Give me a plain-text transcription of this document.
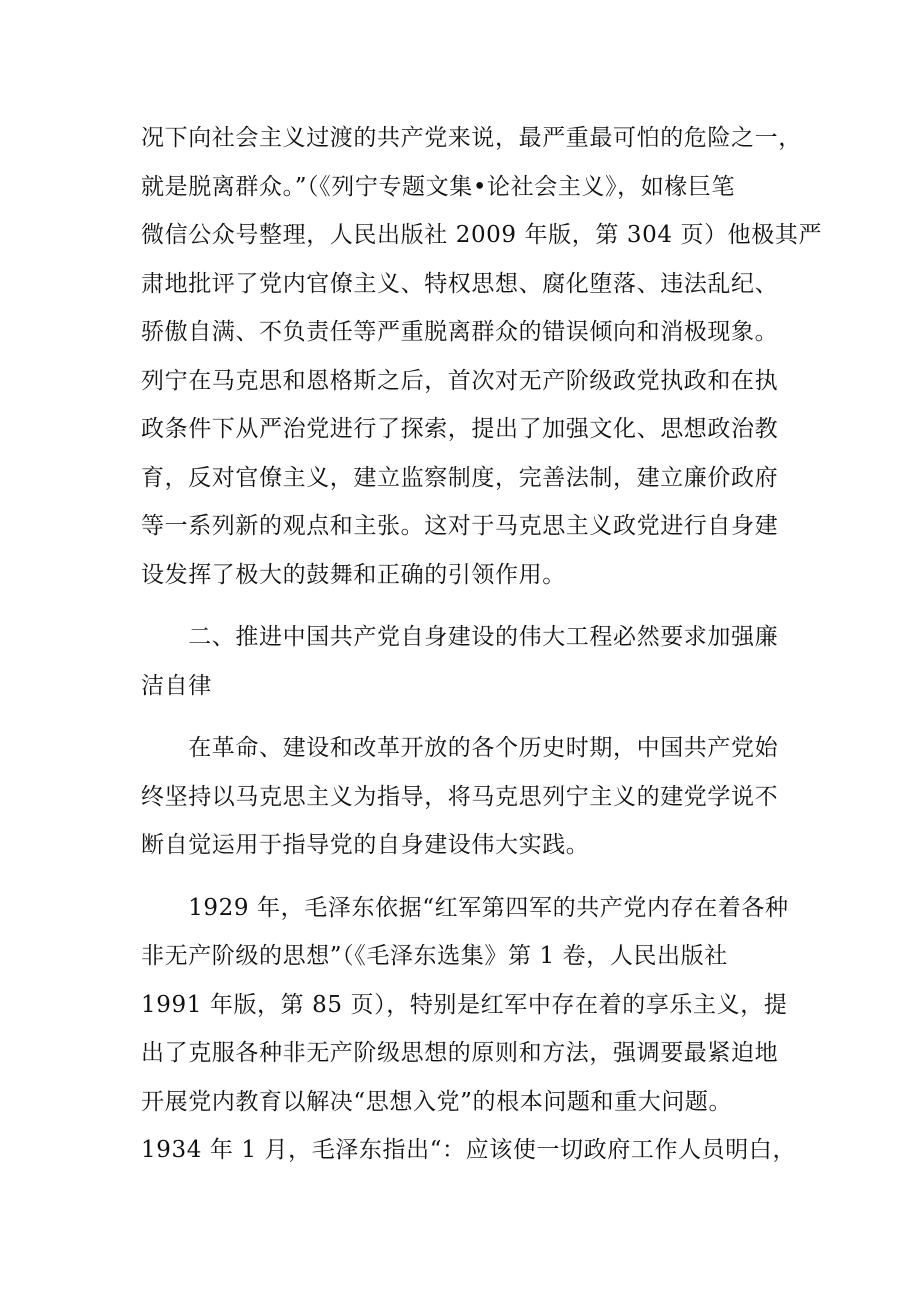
况下向社会主义过渡的共产党来说，最严重最可怕的危险之一，
就是脱离群众。”（《列宁专题文集•论社会主义》，如椽巨笔
微信公众号整理，人民出版社 2009 年版，第 304 页）他极其严
肃地批评了党内官僚主义、特权思想、腐化堕落、违法乱纪、
骄傲自满、不负责任等严重脱离群众的错误倾向和消极现象。
列宁在马克思和恩格斯之后，首次对无产阶级政党执政和在执
政条件下从严治党进行了探索，提出了加强文化、思想政治教
育，反对官僚主义，建立监察制度，完善法制，建立廉价政府
等一系列新的观点和主张。这对于马克思主义政党进行自身建
设发挥了极大的鼓舞和正确的引领作用。
　　二、推进中国共产党自身建设的伟大工程必然要求加强廉
洁自律
　　在革命、建设和改革开放的各个历史时期，中国共产党始
终坚持以马克思主义为指导，将马克思列宁主义的建党学说不
断自觉运用于指导党的自身建设伟大实践。
　　1929 年，毛泽东依据“红军第四军的共产党内存在着各种
非无产阶级的思想”（《毛泽东选集》第 1 卷，人民出版社
1991 年版，第 85 页），特别是红军中存在着的享乐主义，提
出了克服各种非无产阶级思想的原则和方法，强调要最紧迫地
开展党内教育以解决“思想入党”的根本问题和重大问题。
1934 年 1 月，毛泽东指出“：应该使一切政府工作人员明白，
